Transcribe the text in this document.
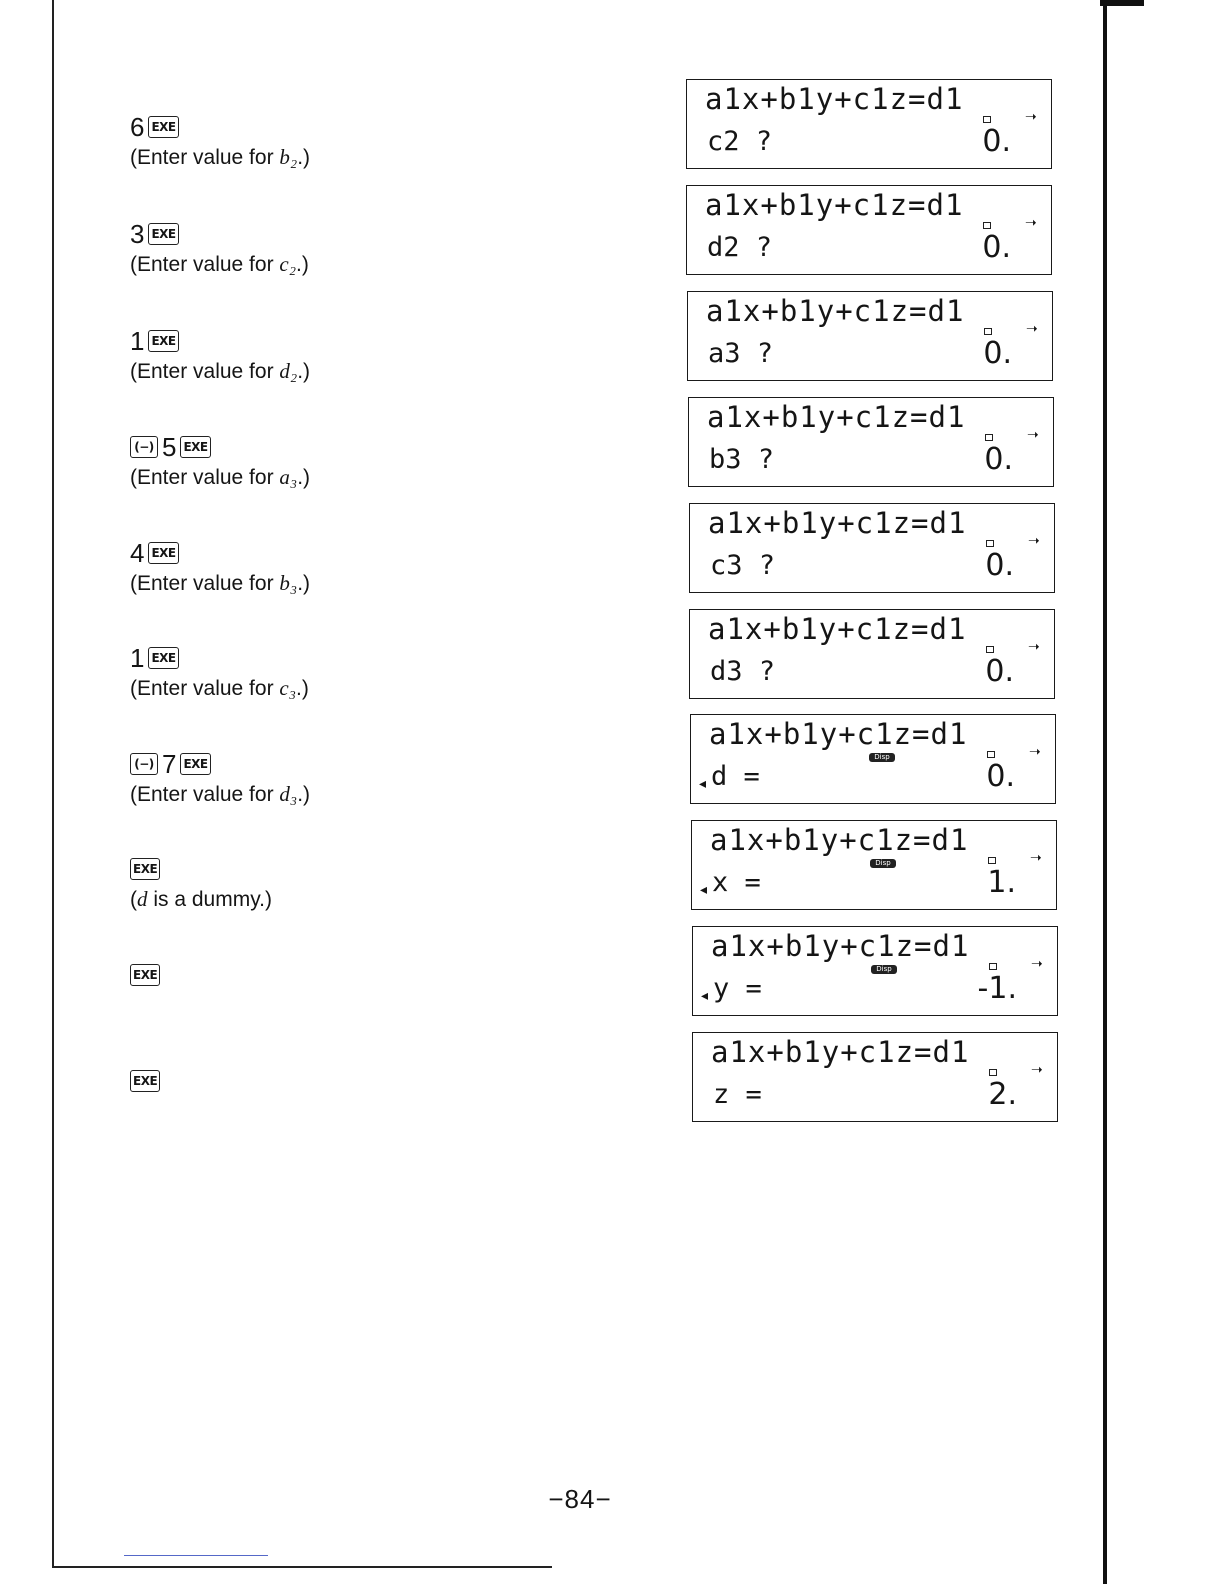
6 EXE
(Enter value for b₂.)
3 EXE
(Enter value for c₂.)
1 EXE
(Enter value for d₂.)
(−) 5 EXE
(Enter value for a₃.)
4 EXE
(Enter value for b₃.)
1 EXE
(Enter value for c₃.)
(−) 7 EXE
(Enter value for d₃.)
EXE
(d is a dummy.)
EXE
EXE
a1x+b1y+c1z=d1	➝
c2 ?	0.
a1x+b1y+c1z=d1	➝
d2 ?	0.
a1x+b1y+c1z=d1	➝
a3 ?	0.
a1x+b1y+c1z=d1	➝
b3 ?	0.
a1x+b1y+c1z=d1	➝
c3 ?	0.
a1x+b1y+c1z=d1	➝
d3 ?	0.
a1x+b1y+c1z=d1
Disp	➝
◂ d =	0.
a1x+b1y+c1z=d1
Disp	➝
◂ x =	1.
a1x+b1y+c1z=d1
Disp	➝
◂ y =	-1.
a1x+b1y+c1z=d1	➝
z =	2.
−84−
